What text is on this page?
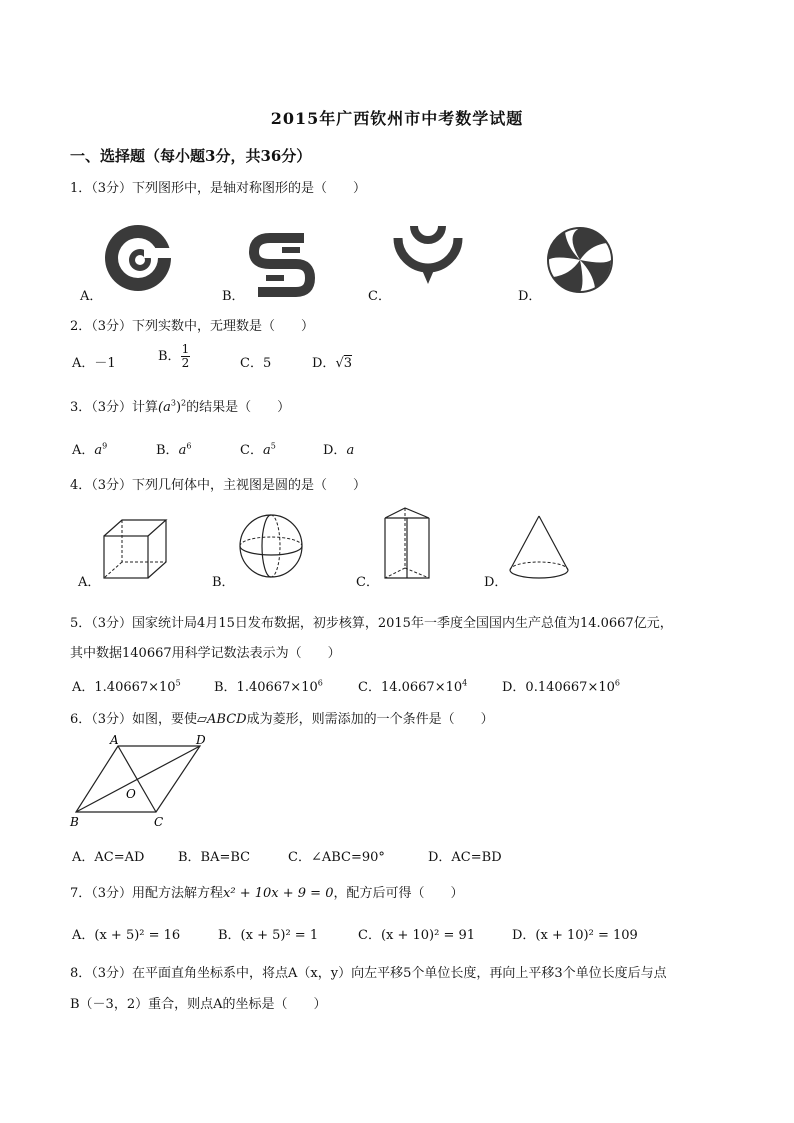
2015年广西钦州市中考数学试题
一、选择题（每小题3分，共36分）
1．（3分）下列图形中，是轴对称图形的是（　　）
A．	B．	C．	D．
2．（3分）下列实数中，无理数是（　　）
A．－1	B． $\frac{1}{2}$	C．5	D．√3
3．（3分）计算$(a^3)^2$的结果是（　　）
A．$a^9$	B．$a^6$	C．$a^5$	D．a
4．（3分）下列几何体中，主视图是圆的是（　　）
A．	B．	C．	D．
5．（3分）国家统计局4月15日发布数据，初步核算，2015年一季度全国国内生产总值为14.0667亿元，
其中数据140667用科学记数法表示为（　　）
A．$1.40667\times 10^5$	B．$1.40667\times 10^6$	C．$14.0667\times 10^4$	D．$0.140667\times 10^6$
6．（3分）如图，要使▱ABCD成为菱形，则需添加的一个条件是（　　）
A	D
B	C
O
A．AC=AD	B．BA=BC	C．∠ABC=90°	D．AC=BD
7．（3分）用配方法解方程x² + 10x + 9 = 0，配方后可得（　　）
A．(x + 5)² = 16	B．(x + 5)² = 1	C．(x + 10)² = 91	D．(x + 10)² = 109
8．（3分）在平面直角坐标系中，将点A（x，y）向左平移5个单位长度，再向上平移3个单位长度后与点
B（－3，2）重合，则点A的坐标是（　　）
